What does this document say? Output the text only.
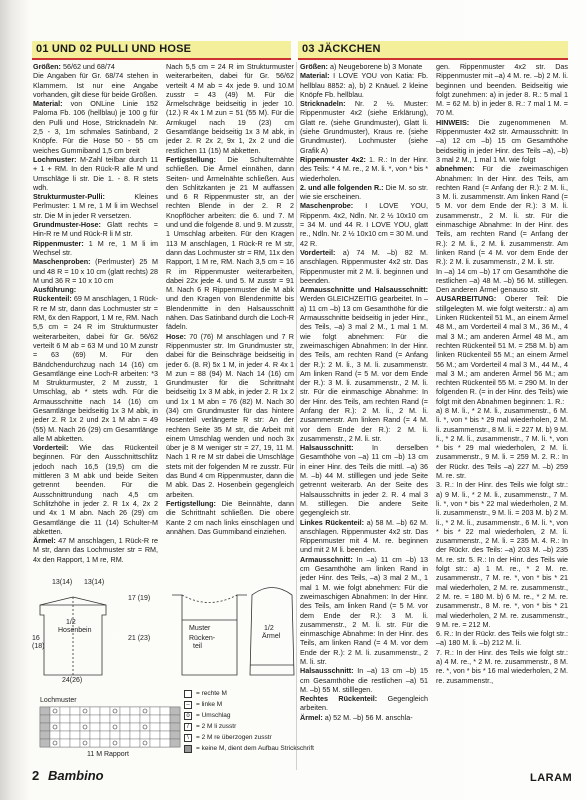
01 UND 02 PULLI UND HOSE	03 JÄCKCHEN

Größen: 56/62 und 68/74

Die Angaben für Gr. 68/74 stehen in Klammern. Ist nur eine Angabe vorhanden, gilt diese für beide Größen.

Material: von ONLine Linie 152 Paloma Fb. 106 (hellblau) je 100 g für den Pulli und Hose, Stricknadeln Nr. 2,5 - 3, 1m schmales Satinband, 2 Knöpfe. Für die Hose 50 - 55 cm weiches Gummiband 1,5 cm breit

Lochmuster: M-Zahl teilbar durch 11 + 1 + RM. In den Rück-R alle M und Umschläge li str. Die 1. - 8. R stets wdh.

Strukturmuster-Pulli: Kleines Perlmuster: 1 M re, 1 M li im Wechsel str. Die M in jeder R versetzen.

Grundmuster-Hose: Glatt rechts = Hin-R re M und Rück-R li M str.

Rippenmuster: 1 M re, 1 M li im Wechsel str.

Maschenproben: (Perlmuster) 25 M und 48 R = 10 x 10 cm (glatt rechts) 28 M und 36 R = 10 x 10 cm

Ausführung:

Rückenteil: 69 M anschlagen, 1 Rück-R re M str, dann das Lochmuster str = RM, 6x den Rapport, 1 M re, RM. Nach 5,5 cm = 24 R im Strukturmuster weiterarbeiten, dabei für Gr. 56/62 verteilt 6 M ab = 63 M und 10 M zunstr = 63 (69) M. Für den Bändchendurchzug nach 14 (16) cm Gesamtlänge eine Loch-R arbeiten: *3 M Strukturmuster, 2 M zusstr, 1 Umschlag, ab * stets wdh. Für die Armausschnitte nach 14 (16) cm Gesamtlänge beidseitig 1x 3 M abk, in jeder 2. R 1x 2 und 2x 1 M abn = 49 (55) M. Nach 26 (29) cm Gesamtlänge alle M abketten.

Vorderteil: Wie das Rückenteil beginnen. Für den Ausschnittschlitz jedoch nach 16,5 (19,5) cm die mittleren 3 M abk und beide Seiten getrennt beenden. Für die Ausschnittrundung nach 4,5 cm Schlitzhöhe in jeder 2. R 1x 4, 2x 2 und 4x 1 M abn. Nach 26 (29) cm Gesamtlänge die 11 (14) Schulter-M abketten.

Ärmel: 47 M anschlagen, 1 Rück-R re M str, dann das Lochmuster str = RM, 4x den Rapport, 1 M re, RM.

Nach 5,5 cm = 24 R im Strukturmuster weiterarbeiten, dabei für Gr. 56/62 verteilt 4 M ab = 4x jede 9. und 10.M zusstr = 43 (49) M. Für die Ärmelschräge beidseitig in jeder 10. (12.) R 4x 1 M zun = 51 (55 M). Für die Armkugel nach 19 (23) cm Gesamtlänge beidseitig 1x 3 M abk, in jeder 2. R 2x 2, 9x 1, 2x 2 und die restlichen 11 (15) M abketten.

Fertigstellung: Die Schulternähte schließen. Die Ärmel einnähen, dann Seiten- und Ärmelnähte schließen. Aus den Schlitzkanten je 21 M auffassen und 6 R Rippenmuster str, an der rechten Blende in der 2. R 2 Knopflöcher arbeiten: die 6. und 7. M und und die folgende 8. und 9. M zusstr, 1 Umschlag arbeiten. Für den Kragen 113 M anschlagen, 1 Rück-R re M str, dann das Lochmuster str = RM, 11x den Rapport, 1 M re, RM. Nach 3,5 cm = 16 R im Rippenmuster weiterarbeiten, dabei 22x jede 4. und 5. M zusstr = 91 M. Nach 6 R Rippenmuster die M abk und den Kragen von Blendenmitte bis Blendenmitte in den Halsausschnitt nähen. Das Satinband durch die Loch-R fädeln.

Hose: 70 (76) M anschlagen und 7 R Rippenmuster str. Im Grundmuster str, dabei für die Beinschräge beidseitig in jeder 6. (8. R) 5x 1 M, in jeder 4. R 4x 1 M zun = 88 (94) M. Nach 14 (16) cm Grundmuster für die Schrittnaht beidseitig 1x 3 M abk, in jeder 2. R 1x 2 und 1x 1 M abn = 76 (82) M. Nach 30 (34) cm Grundmuster für das hintere Hosenteil verlängerte R str: An der rechten Seite 35 M str, die Arbeit mit einem Umschlag wenden und noch 3x über je 8 M weniger str = 27, 19, 11 M. Nach 1 R re M str dabei die Umschläge stets mit der folgenden M re zusstr. Für das Bund 4 cm Rippenmuster, dann die M abk. Das 2. Hosenbein gegengleich arbeiten.

Fertigstellung: Die Beinnähte, dann die Schrittnaht schließen. Die obere Kante 2 cm nach links einschlagen und annähen. Das Gummiband einziehen.

Größen: a) Neugeborene b) 3 Monate

Material: I LOVE YOU von Katia: Fb. hellblau 8852: a), b) 2 Knäuel. 2 kleine Knöpfe Fb. hellblau.

Stricknadeln: Nr. 2 ½. Muster: Rippenmuster 4x2 (siehe Erklärung), Glatt re. (siehe Grundmuster), Glatt li. (siehe Grundmuster), Kraus re. (siehe Grundmuster). Lochmuster (siehe Grafik A)

Rippenmuster 4x2: 1. R.: In der Hinr. des Teils: * 4 M. re., 2 M. li. *, von * bis * wiederholen.

2. und alle folgenden R.: Die M. so str. wie sie erscheinen.

Maschenprobe: I LOVE YOU, Rippenm. 4x2, Ndln. Nr. 2 ½ 10x10 cm = 34 M. und 44 R. I LOVE YOU, glatt re., Ndln. Nr. 2 ½ 10x10 cm = 30 M. und 42 R.

Vorderteil: a) 74 M. –b) 82 M. anschlagen. Rippenmuster 4x2 str. Das Rippenmuster mit 2 M. li. beginnen und beenden.

Armausschnitte und Halsausschnitt: Werden GLEICHZEITIG gearbeitet. In –a) 11 cm –b) 13 cm Gesamthöhe für die Armausschnitte beidseitig in jeder Hinr., des Teils, –a) 3 mal 2 M., 1 mal 1 M. wie folgt abnehmen: Für die zweimaschigen Abnahmen: In der Hinr. des Teils, am rechten Rand (= Anfang der R.): 2 M. li., 3 M. li. zusammenstr. Am linken Rand (= 5 M. vor dem Ende der R.): 3 M. li. zusammenstr., 2 M. li. str. Für die einmaschige Abnahme: In der Hinr. des Teils, am rechten Rand (= Anfang der R.): 2 M. li., 2 M. li. zusammenstr. Am linken Rand (= 4 M. vor dem Ende der R.): 2 M. li. zusammenstr., 2 M. li. str.

Halsausschnitt: In derselben Gesamthöhe von –a) 11 cm –b) 13 cm in einer Hinr. des Teils die mittl. –a) 36 M. –b) 44 M. stilllegen und jede Seite getrennt weiterarb. An der Seite des Halsausschnitts in jeder 2. R. 4 mal 3 M. stilllegen. Die andere Seite gegengleich str.

Linkes Rückenteil: a) 58 M. –b) 62 M. anschlagen. Rippenmuster 4x2 str. Das Rippenmuster mit 4 M. re. beginnen und mit 2 M li. beenden.

Armausschnitt: In –a) 11 cm –b) 13 cm Gesamthöhe am linken Rand in jeder Hinr. des Teils, –a) 3 mal 2 M., 1 mal 1 M. wie folgt abnehmen: Für die zweimaschigen Abnahmen: In der Hinr. des Teils, am linken Rand (= 5 M. vor dem Ende der R.): 3 M. li. zusammenstr., 2 M. li. str. Für die einmaschige Abnahme: In der Hinr. des Teils, am linken Rand (= 4 M. vor dem Ende der R.): 2 M. li. zusammenstr., 2 M. li. str.

Halsausschnitt: In –a) 13 cm –b) 15 cm Gesamthöhe die restlichen –a) 51 M. –b) 55 M. stilllegen.

Rechtes Rückenteil: Gegengleich arbeiten.

Ärmel: a) 52 M. –b) 56 M. anschla-

gen. Rippenmuster 4x2 str. Das Rippenmuster mit –a) 4 M. re. –b) 2 M. li. beginnen und beenden. Beidseitig wie folgt zunehmen: a) in jeder 8. R.: 5 mal 1 M. = 62 M. b) in jeder 8. R.: 7 mal 1 M. = 70 M.

HINWEIS: Die zugenommenen M. Rippenmuster 4x2 str. Armausschnitt: In –a) 12 cm –b) 15 cm Gesamthöhe beidseitig in jeder Hinr. des Teils –a), –b) 3 mal 2 M., 1 mal 1 M. wie folgt

abnehmen: Für die zweimaschigen Abnahmen: In der Hinr. des Teils, am rechten Rand (= Anfang der R.): 2 M. li., 3 M. li. zusammenstr. Am linken Rand (= 5 M. vor dem Ende der R.): 3 M. li. zusammenstr., 2 M. li. str. Für die einmaschige Abnahme: In der Hinr. des Teils, am rechten Rand (= Anfang der R.): 2 M. li., 2 M. li. zusammenstr. Am linken Rand (= 4 M. vor dem Ende der R.): 2 M. li. zusammenstr., 2 M. li. str.

In –a) 14 cm –b) 17 cm Gesamthöhe die restlichen –a) 48 M. –b) 56 M. stilllegen. Den anderen Ärmel genauso str.

AUSARBEITUNG: Oberer Teil: Die stillgelegten M. wie folgt weiterstr.: a) am Linken Rückenteil 51 M., an einem Ärmel 48 M., am Vorderteil 4 mal 3 M., 36 M., 4 mal 3 M.; am anderen Ärmel 48 M., am rechten Rückenteil 51 M. = 258 M. b) am linken Rückenteil 55 M.; an einem Ärmel 56 M.; am Vorderteil 4 mal 3 M., 44 M., 4 mal 3 M.; am anderen Ärmel 56 M.; am rechten Rückenteil 55 M. = 290 M. In der folgenden R. (= in der Hinr. des Teils) wie folgt mit den Abnahmen beginnen: 1. R.:

a) 8 M. li., * 2 M. li., zusammenstr., 6 M. li. *, von * bis * 29 mal wiederholen, 2 M. li. zusammenstr., 8 M. li. = 227 M. b) 9 M. li., * 2 M. li., zusammenstr., 7 M. li. *, von * bis * 29 mal wiederholen, 2 M. li. zusammenstr., 9 M. li. = 259 M. 2. R.: In der Rückr. des Teils –a) 227 M. –b) 259 M. re. str.

3. R.: In der Hinr. des Teils wie folgt str.: a) 9 M. li., * 2 M. li., zusammenstr., 7 M. li. *, von * bis * 22 mal wiederholen, 2 M. li. zusammenstr., 9 M. li. = 203 M. b) 2 M. li., * 2 M. li., zusammenstr., 6 M. li. *, von * bis * 22 mal wiederholen, 2 M. li. zusammenstr., 2 M. li. = 235 M. 4. R.: In der Rückr. des Teils: –a) 203 M. –b) 235 M. re. str. 5. R.: In der Hinr. des Teils wie folgt str.: a) 1 M. re., * 2 M. re. zusammenstr., 7 M. re. *, von * bis * 21 mal wiederholen, 2 M. re. zusammenstr., 2 M. re. = 180 M. b) 6 M. re., * 2 M. re. zusammenstr., 8 M. re. *, von * bis * 21 mal wiederholen, 2 M. re. zusammenstr., 9 M. re. = 212 M.

6. R.: In der Rückr. des Teils wie folgt str.: –a) 180 M. li. –b) 212 M. li.

7. R.: In der Hinr. des Teils wie folgt str.: a) 4 M. re., * 2 M. re. zusammenstr., 8 M. re. *, von * bis * 16 mal wiederholen, 2 M. re. zusammenstr.,

13(14) 13(14)
Hosenbein
1/2
16
(18)
24(26)
17 (19)
21 (23)	Rücken-
teil
Muster	1/2
Ärmel
Lochmuster
11 M Rapport
= rechte M
– = linke M
o = Umschlag
/	= 2 M li zusstr
\	= 2 M re überzogen zusstr
= keine M, dient dem Aufbau Strickschrift
2 Bambino	LARAM
